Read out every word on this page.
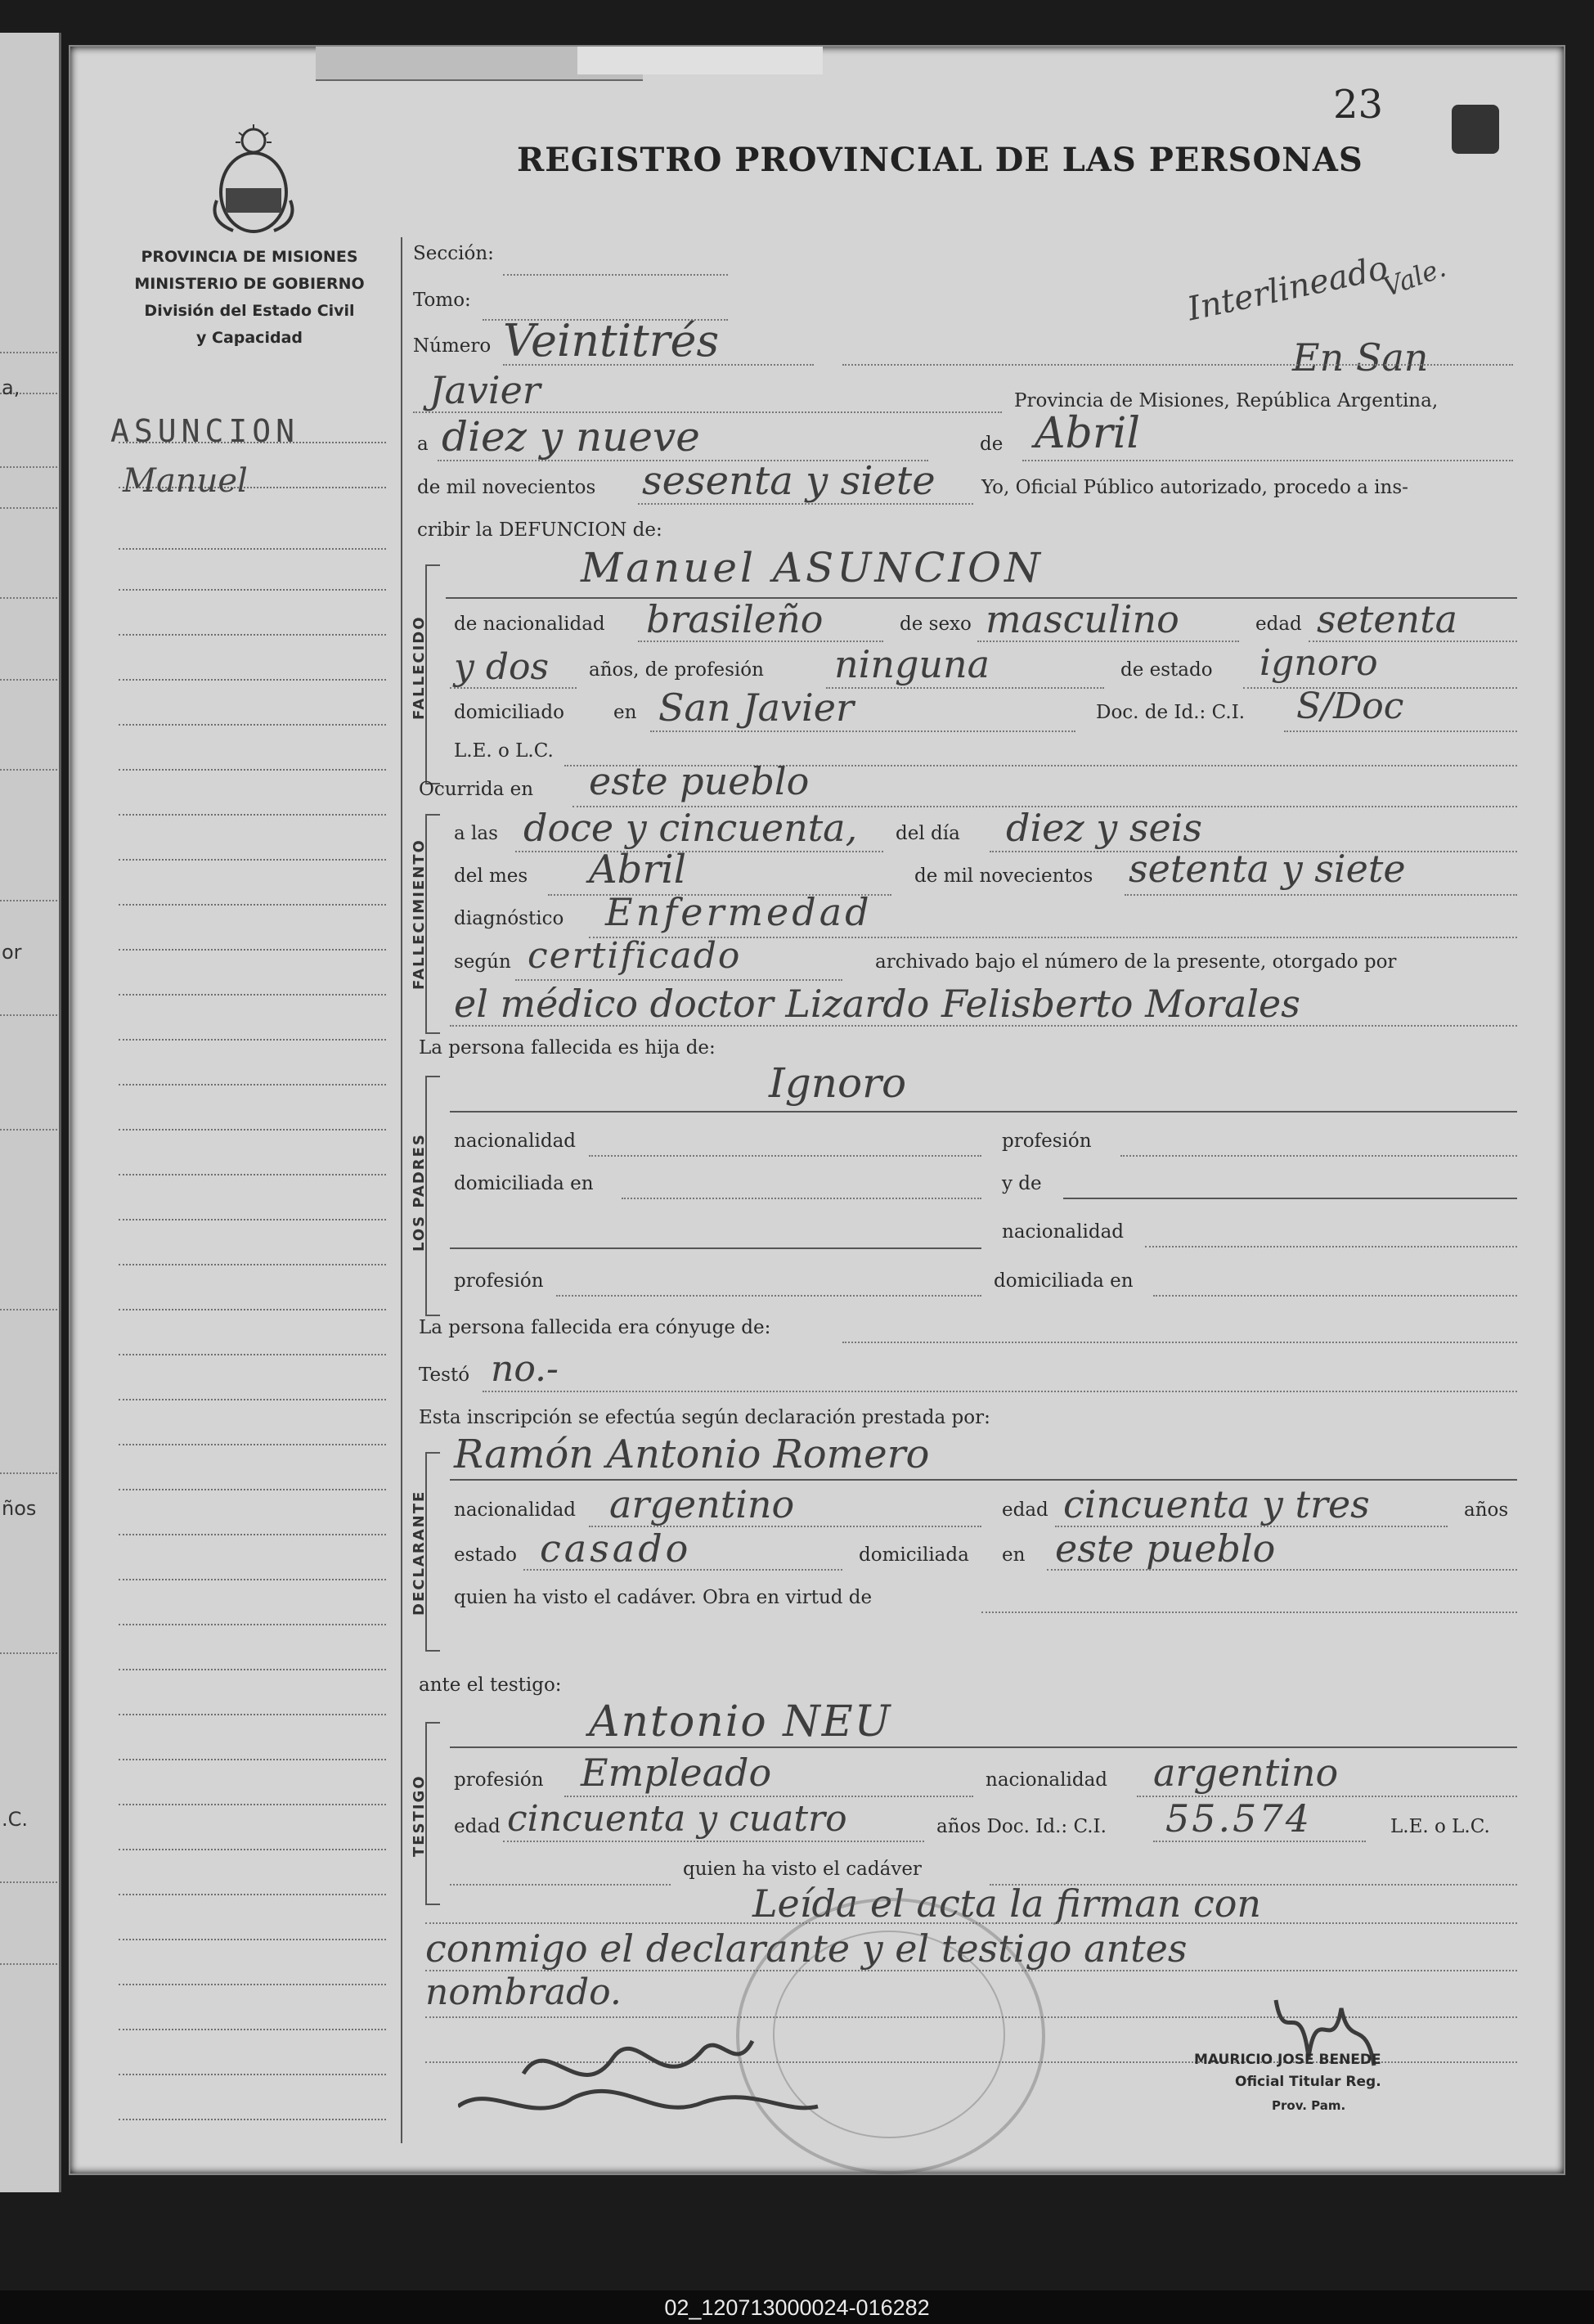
a,
or
ños
.C.
23
REGISTRO PROVINCIAL DE LAS PERSONAS
PROVINCIA DE MISIONES
MINISTERIO DE GOBIERNO
División del Estado Civil
y Capacidad
ASUNCION
Manuel
Sección:
Tomo:
Número Veintitrés
Interlineado
En San
Vale.
Javier	Provincia de Misiones, República Argentina,
a diez y nueve	de Abril
de mil novecientos sesenta y siete Yo, Oficial Público autorizado, procedo a ins-
cribir la DEFUNCION de:
FALLECIDO
Manuel ASUNCION
de nacionalidad brasileño	de sexo masculino	edad setenta
y dos años, de profesión ninguna	de estado ignoro
domiciliado	en San Javier	Doc. de Id.: C.I. S/Doc
L.E. o L.C.
Ocurrida en este pueblo
FALLECIMIENTO
a las doce y cincuenta, del día diez y seis
del mes Abril	de mil novecientos setenta y siete
diagnóstico Enfermedad
según certificado	archivado bajo el número de la presente, otorgado por
el médico doctor Lizardo Felisberto Morales
La persona fallecida es hija de:
LOS PADRES
Ignoro
nacionalidad	profesión
domiciliada en	y de
nacionalidad
profesión	domiciliada en
La persona fallecida era cónyuge de:
Testó no.-
Esta inscripción se efectúa según declaración prestada por:
DECLARANTE
Ramón Antonio Romero
nacionalidad argentino	edad cincuenta y tres	años
estado casado	domiciliada en este pueblo
quien ha visto el cadáver. Obra en virtud de
ante el testigo:
TESTIGO
Antonio NEU
profesión Empleado	nacionalidad argentino
edad cincuenta y cuatro	años Doc. Id.: C.I. 55.574	L.E. o L.C.
quien ha visto el cadáver
Leída el acta la firman con
conmigo el declarante y el testigo antes
nombrado.
MAURICIO JOSE BENEDE
Oficial Titular Reg.
Prov. Pam.
02_120713000024-016282
